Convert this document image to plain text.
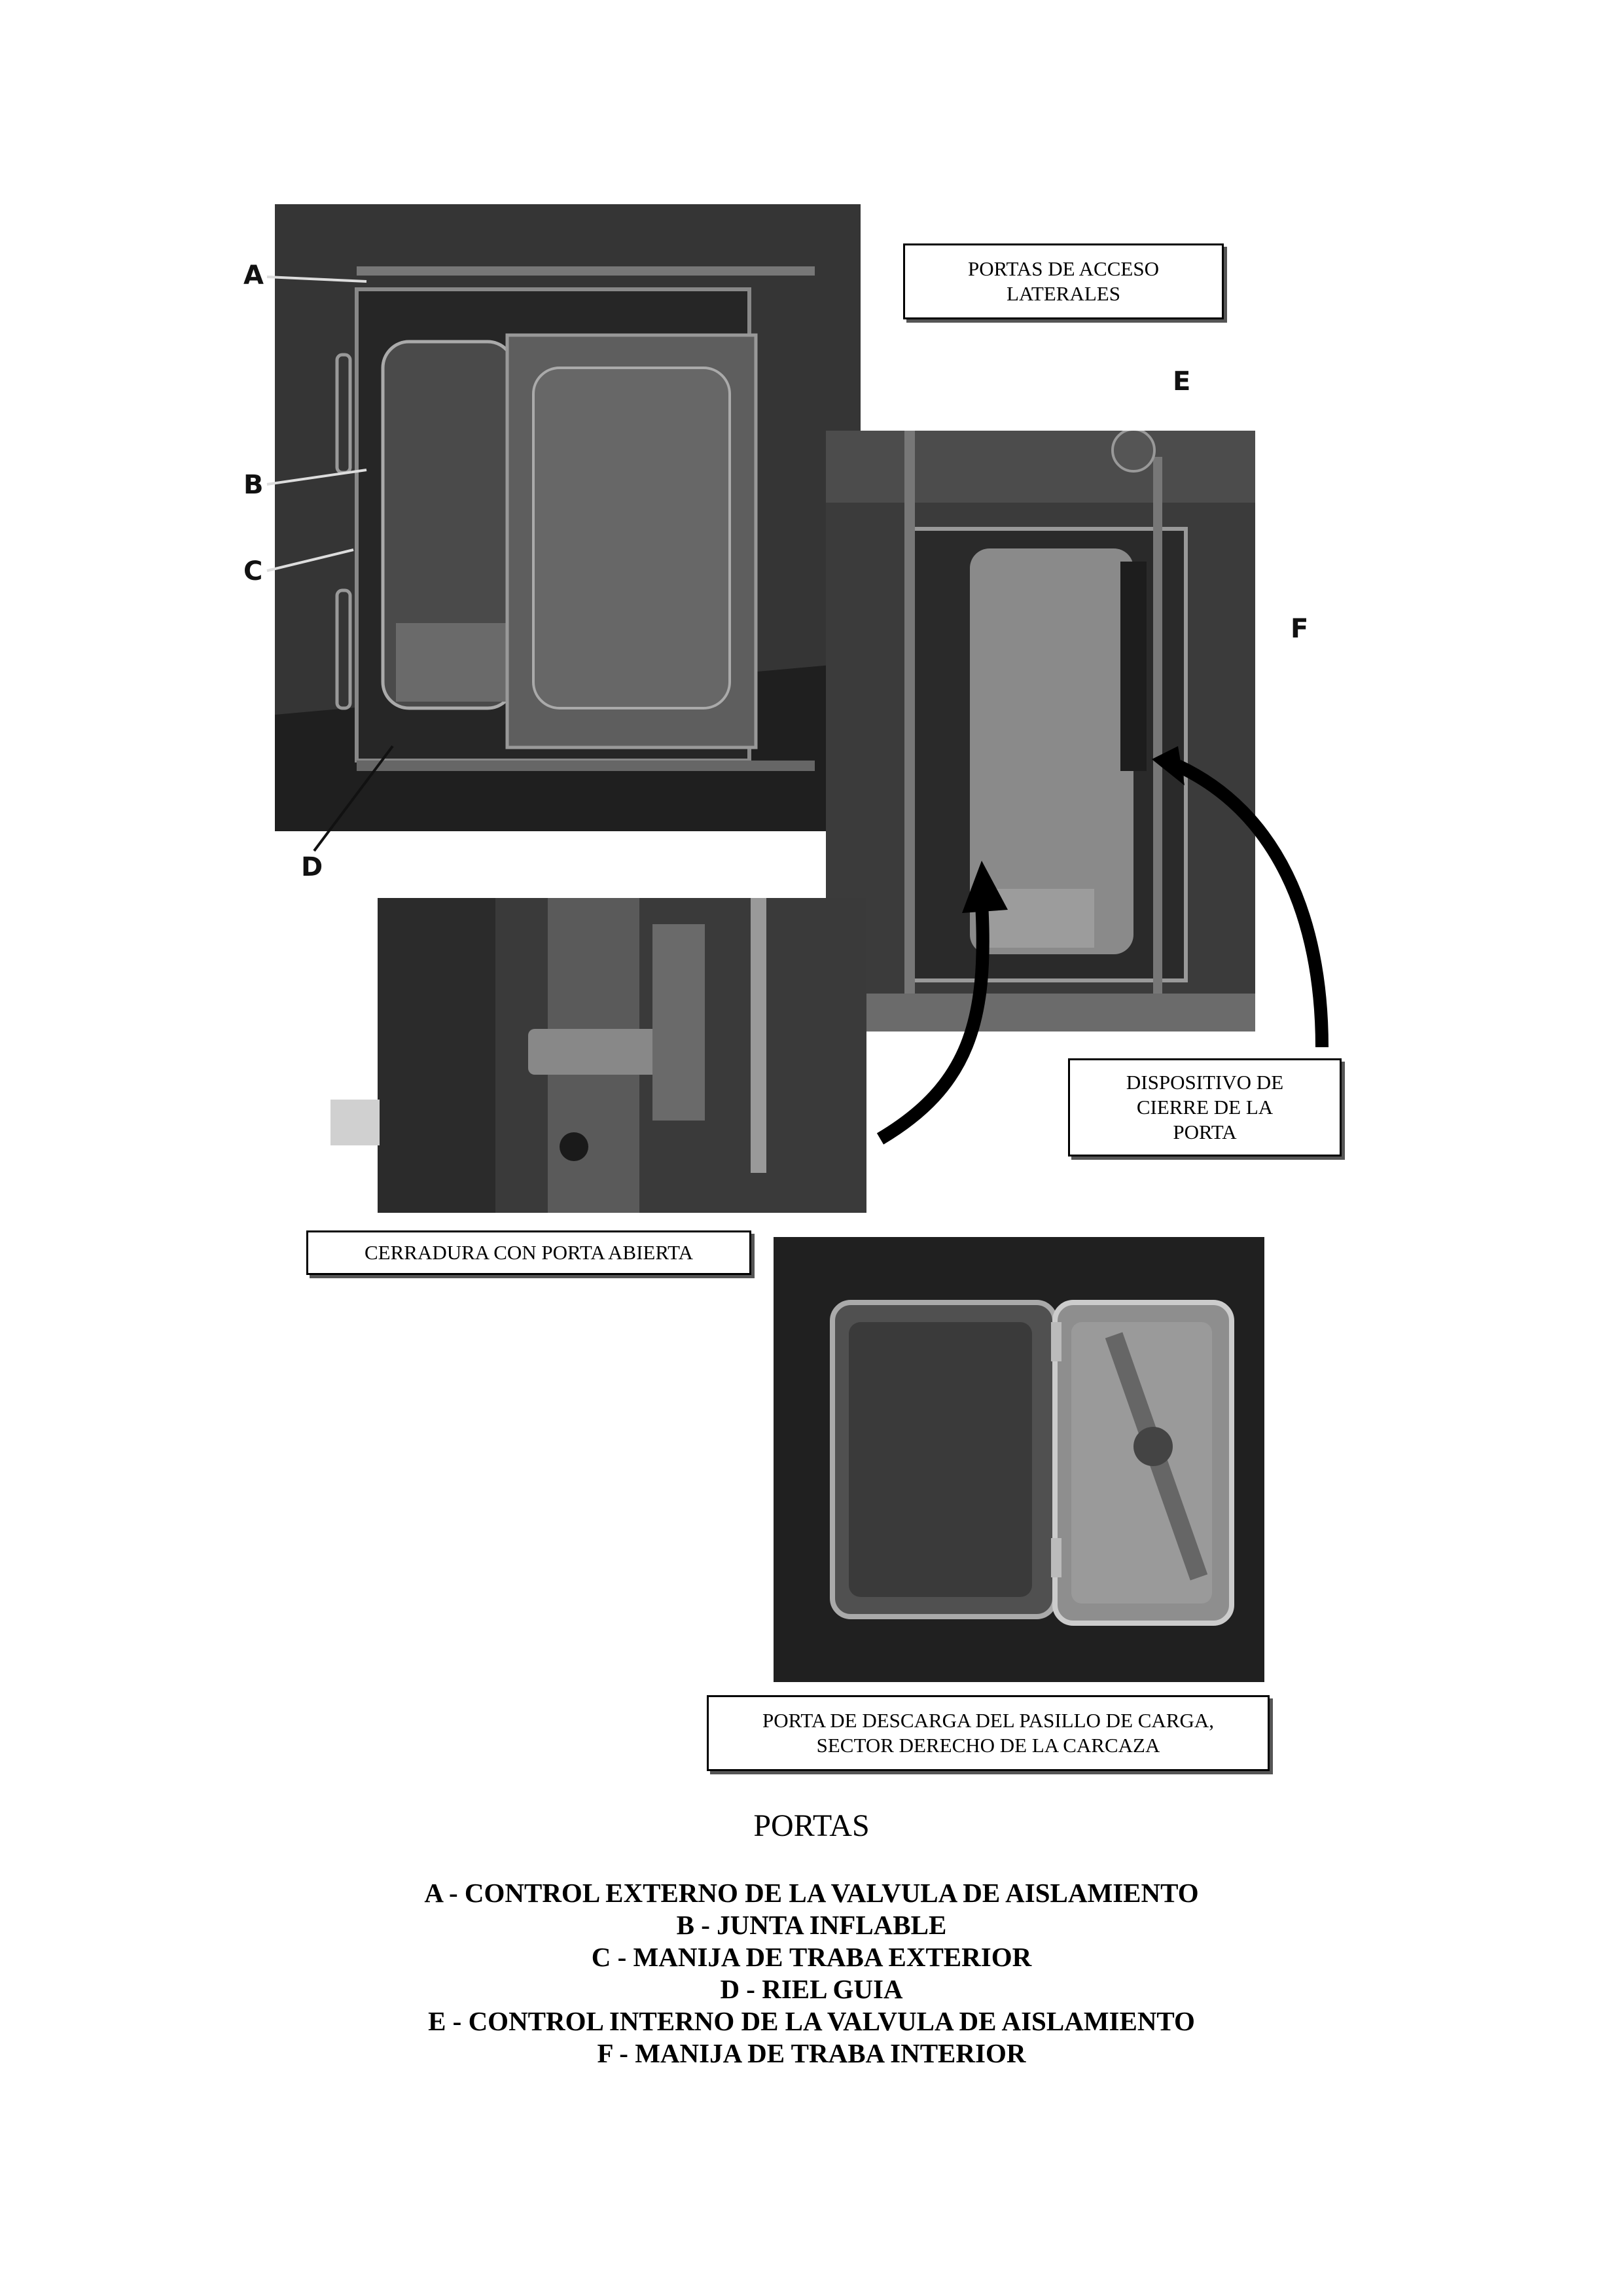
A
B
C
D
PORTAS DE ACCESO
LATERALES
E
F
DISPOSITIVO DE
CIERRE DE LA
PORTA
CERRADURA CON PORTA ABIERTA
PORTA DE DESCARGA DEL PASILLO DE CARGA,
SECTOR DERECHO DE LA CARCAZA
PORTAS
A - CONTROL EXTERNO DE LA VALVULA DE AISLAMIENTO
B - JUNTA INFLABLE
C - MANIJA DE TRABA EXTERIOR
D - RIEL GUIA
E - CONTROL INTERNO DE LA VALVULA DE AISLAMIENTO
F - MANIJA DE TRABA INTERIOR
